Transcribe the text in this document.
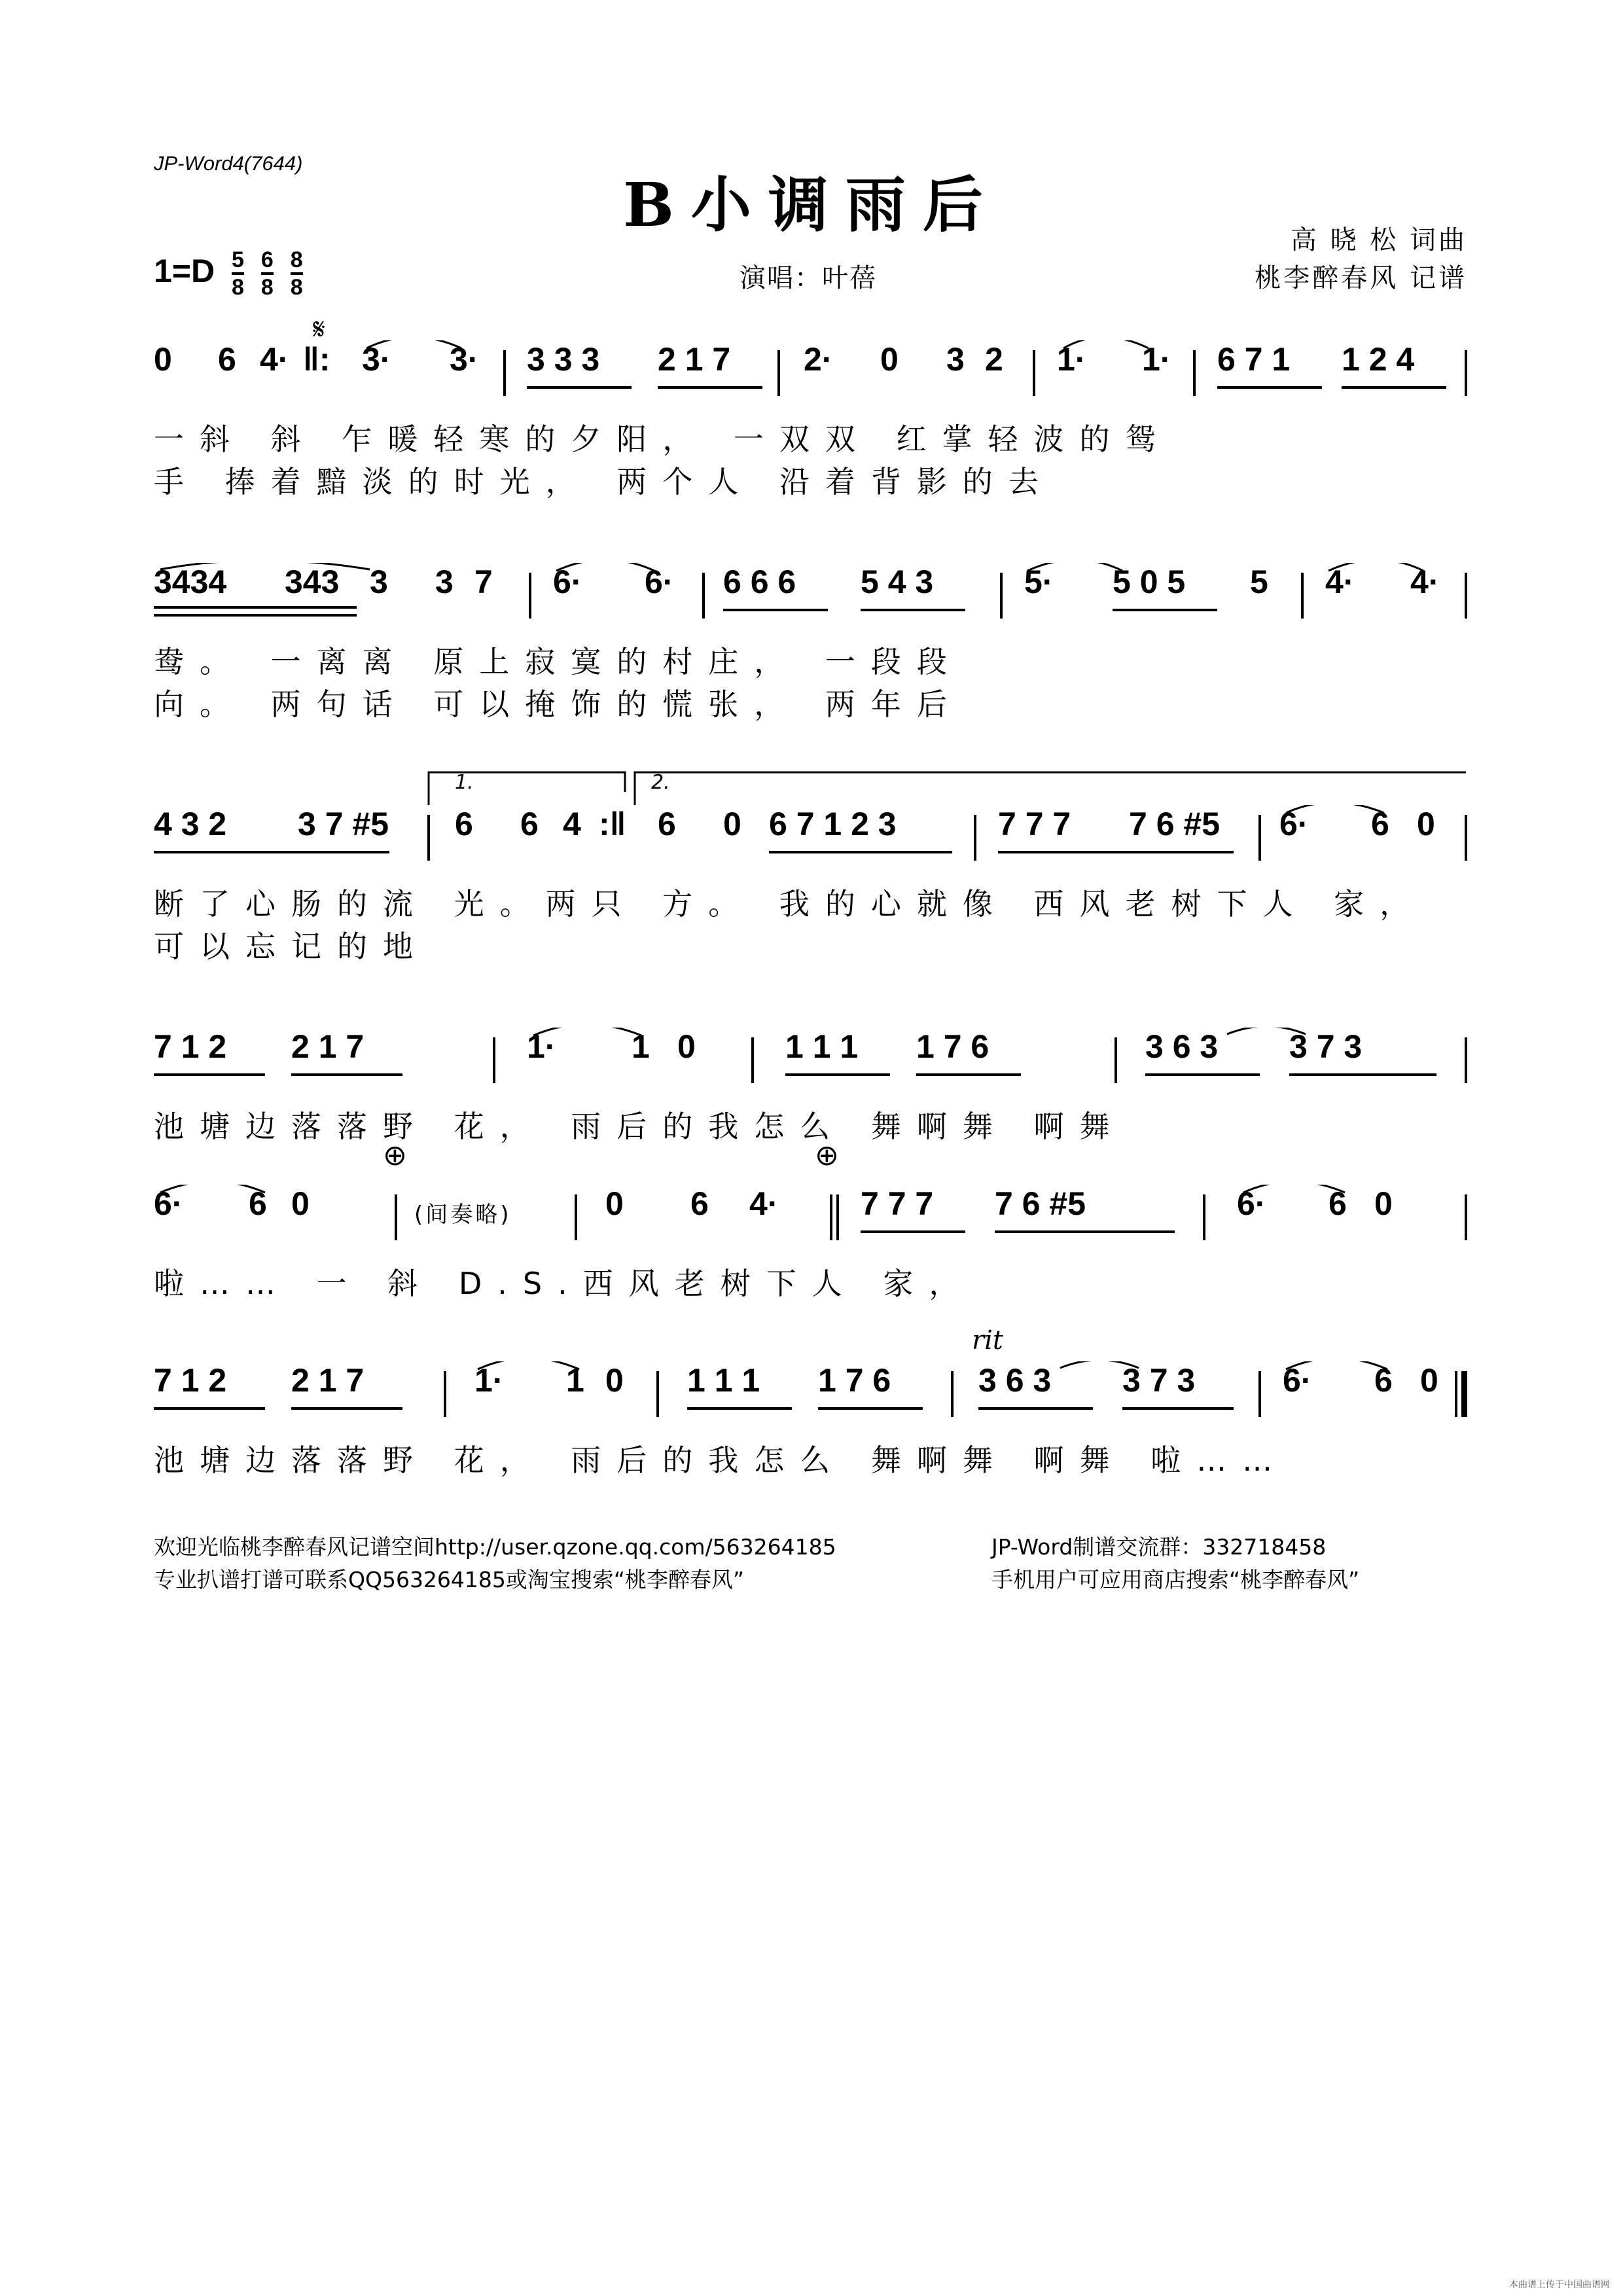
JP-Word4(7644)
B小调雨后	高 晓 松 词曲
桃李醉春风 记谱
演唱：叶蓓
$1=D \frac{5}{8} \frac{6}{8} \frac{8}{8}$
𝄋
0 6 4· ‖: 3· 3· 3 3 3 2 1 7 2· 0 3 2 1· 1· 6 7 1 1 2 4
一斜 斜 乍暖轻寒的夕阳， 一双双 红掌轻波的鸳
手 捧着黯淡的时光， 两个人 沿着背影的去
3434 343 3 3 7 6· 6· 6 6 6 5 4 3	5· 5 0 5 5 4· 4·
鸯。 一离离 原上寂寞的村庄， 一段段
向。 两句话 可以掩饰的慌张， 两年后
1.	2.
4 3 2 3 7 #5 6 6 4 :‖ 6 0 6 7 1 2 3	7 7 7 7 6 #5 6· 6 0
断了心肠的流 光。两只 方。 我的心就像 西风老树下人 家，
可以忘记的地
7 1 2 2 1 7	1· 1 0	1 1 1 1 7 6	3 6 3 3 7 3
池塘边落落野 花， 雨后的我怎么 舞啊舞 啊舞
⊕	⊕
6· 6 0	0 6 4·	7 7 7 7 6 #5	6· 6 0
(间奏略)
啦…… 一 斜 D.S.西风老树下人 家，
rit
7 1 2 2 1 7	1· 1 0 1 1 1 1 7 6	3 6 3 3 7 3	6· 6 0
池塘边落落野 花， 雨后的我怎么 舞啊舞 啊舞 啦……
欢迎光临桃李醉春风记谱空间http://user.qzone.qq.com/563264185	JP-Word制谱交流群：332718458
专业扒谱打谱可联系QQ563264185或淘宝搜索“桃李醉春风”	手机用户可应用商店搜索“桃李醉春风”
本曲谱上传于中国曲谱网
